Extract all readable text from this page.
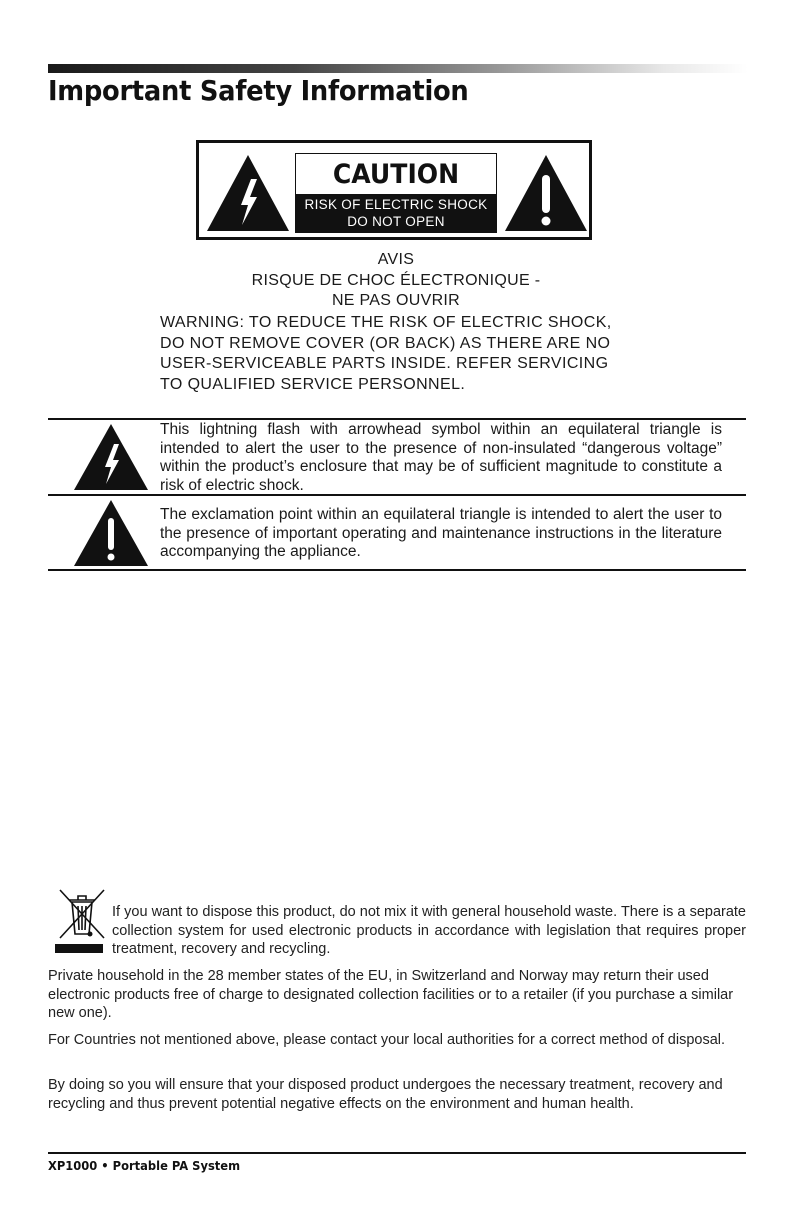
Important Safety Information
CAUTION
RISK OF ELECTRIC SHOCK
DO NOT OPEN
AVIS
RISQUE DE CHOC ÉLECTRONIQUE -
NE PAS OUVRIR
WARNING: TO REDUCE THE RISK OF ELECTRIC SHOCK,
DO NOT REMOVE COVER (OR BACK) AS THERE ARE NO
USER-SERVICEABLE PARTS INSIDE. REFER SERVICING
TO QUALIFIED SERVICE PERSONNEL.
This lightning flash with arrowhead symbol within an equilateral triangle is intended to alert the user to the presence of non-insulated “dangerous voltage” within the product’s enclosure that may be of sufficient magnitude to constitute a risk of electric shock.
The exclamation point within an equilateral triangle is intended to alert the user to the presence of important operating and maintenance instructions in the literature accompanying the appliance.
If you want to dispose this product, do not mix it with general household waste. There is a separate collection system for used electronic products in accordance with legislation that requires proper treatment, recovery and recycling.
Private household in the 28 member states of the EU, in Switzerland and Norway may return their used electronic products free of charge to designated collection facilities or to a retailer (if you purchase a similar new one).
For Countries not mentioned above, please contact your local authorities for a correct method of disposal.
By doing so you will ensure that your disposed product undergoes the necessary treatment, recovery and recycling and thus prevent potential negative effects on the environment and human health.
XP1000 • Portable PA System
